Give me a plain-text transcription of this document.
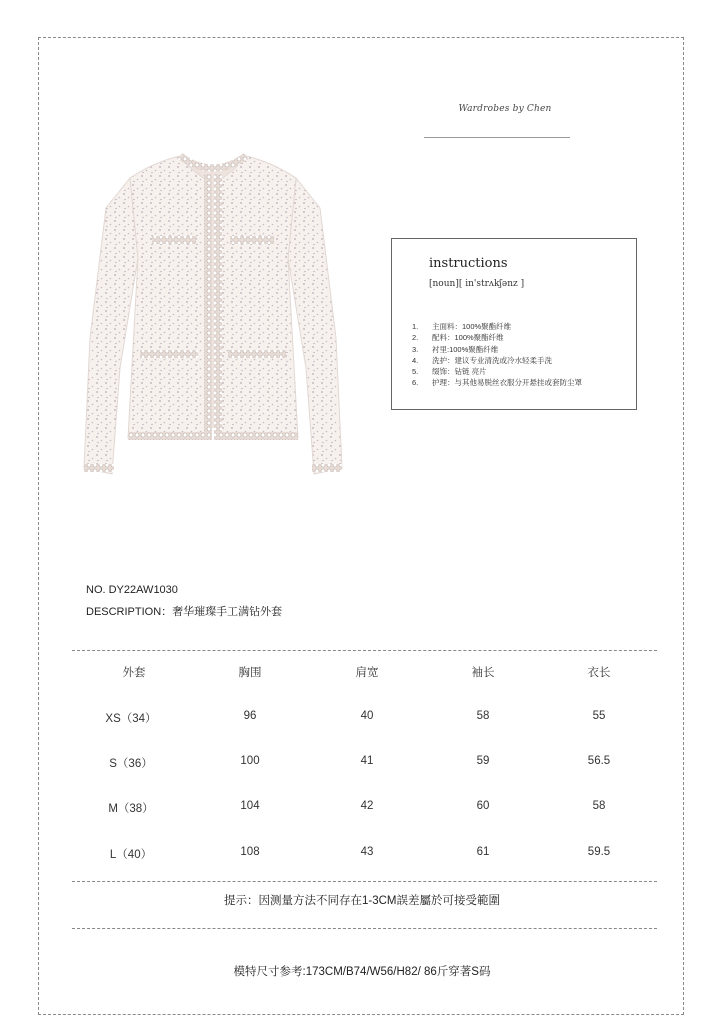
Wardrobes by Chen
instructions
[noun][ in'strʌkʃənz ]
1.	主面料：100%聚酯纤维
2.	配料：100%聚酯纤维
3.	衬里:100%聚酯纤维
4.	洗护：建议专业清洗或冷水轻柔手洗
5.	缀饰：钻链 亮片
6.	护理：与其他易脱丝衣服分开悬挂或套防尘罩
NO. DY22AW1030
DESCRIPTION：奢华璀璨手工满钻外套
外套	胸围	肩宽	袖长	衣长
XS（34）	96	40	58	55
S（36）	100	41	59	56.5
M（38）	104	42	60	58
L（40）	108	43	61	59.5
提示：因测量方法不同存在1-3CM誤差屬於可接受範圍
模特尺寸参考:173CM/B74/W56/H82/ 86斤穿著S码
